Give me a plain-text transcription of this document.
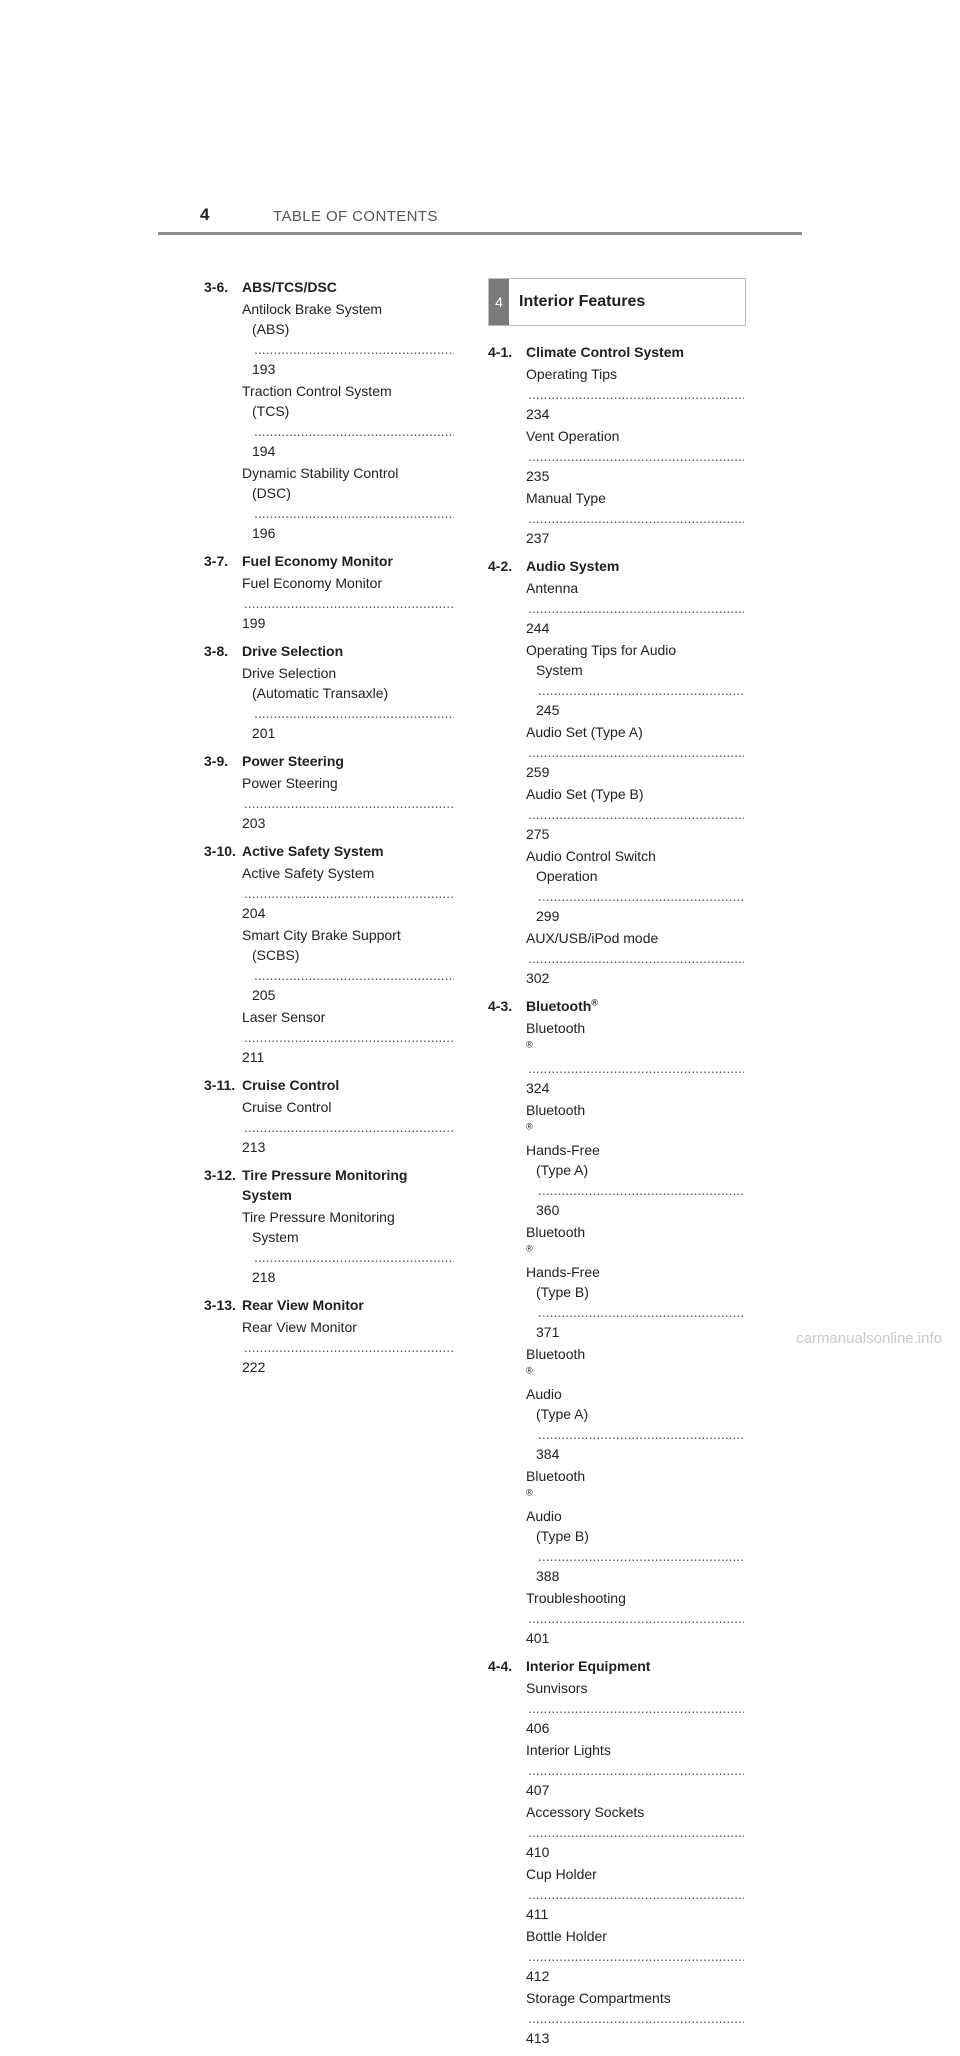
4	TABLE OF CONTENTS
3-6. ABS/TCS/DSC
Antilock Brake System
(ABS)
.....
193
Traction Control System
(TCS)
.....
194
Dynamic Stability Control
(DSC)
.....
196
3-7. Fuel Economy Monitor
Fuel Economy Monitor
.....
199
3-8. Drive Selection
Drive Selection
(Automatic Transaxle)
.....
201
3-9. Power Steering
Power Steering
.....
203
3-10. Active Safety System
Active Safety System
.....
204
Smart City Brake Support
(SCBS)
.....
205
Laser Sensor
.....
211
3-11. Cruise Control
Cruise Control
.....
213
3-12. Tire Pressure Monitoring System
Tire Pressure Monitoring
System
.....
218
3-13. Rear View Monitor
Rear View Monitor
.....
222
4	Interior Features
4-1. Climate Control System
Operating Tips
.....
234
Vent Operation
.....
235
Manual Type
.....
237
4-2. Audio System
Antenna
.....
244
Operating Tips for Audio
System
.....
245
Audio Set (Type A)
.....
259
Audio Set (Type B)
.....
275
Audio Control Switch
Operation
.....
299
AUX/USB/iPod mode
.....
302
4-3. Bluetooth®
Bluetooth
®
.....
324
Bluetooth
®
Hands-Free
(Type A)
.....
360
Bluetooth
®
Hands-Free
(Type B)
.....
371
Bluetooth
®
Audio
(Type A)
.....
384
Bluetooth
®
Audio
(Type B)
.....
388
Troubleshooting
.....
401
4-4. Interior Equipment
Sunvisors
.....
406
Interior Lights
.....
407
Accessory Sockets
.....
410
Cup Holder
.....
411
Bottle Holder
.....
412
Storage Compartments
.....
413
carmanualsonline.info
